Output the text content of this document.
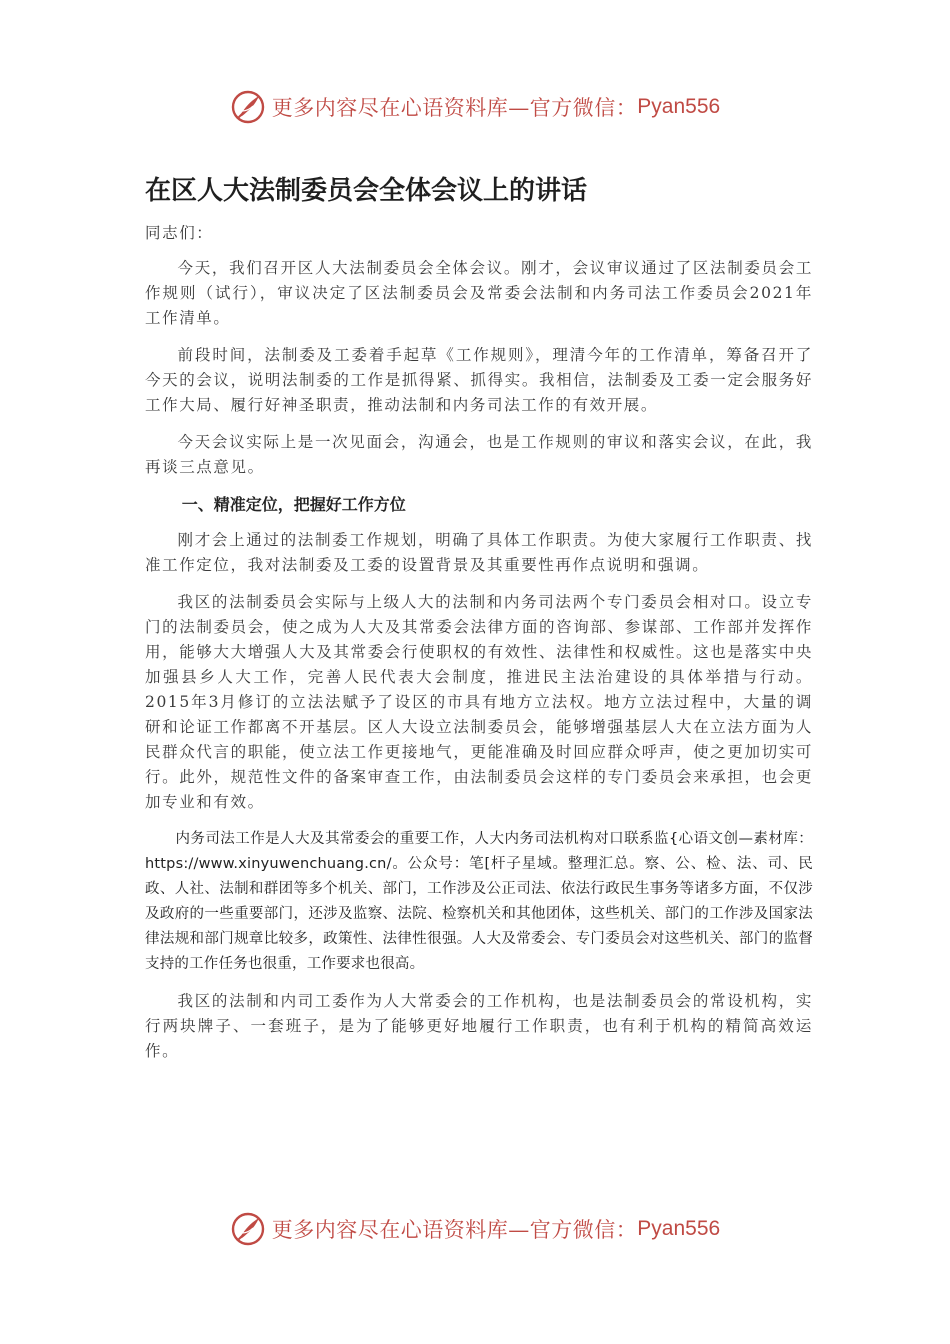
更多内容尽在心语资料库—官方微信： Pyan556
在区人大法制委员会全体会议上的讲话
同志们：
今天，我们召开区人大法制委员会全体会议。刚才，会议审议通过了区法制委员会工作规则（试行），审议决定了区法制委员会及常委会法制和内务司法工作委员会2021年工作清单。
前段时间，法制委及工委着手起草《工作规则》，理清今年的工作清单，筹备召开了今天的会议，说明法制委的工作是抓得紧、抓得实。我相信，法制委及工委一定会服务好工作大局、履行好神圣职责，推动法制和内务司法工作的有效开展。
今天会议实际上是一次见面会，沟通会，也是工作规则的审议和落实会议，在此，我再谈三点意见。
一、精准定位，把握好工作方位
刚才会上通过的法制委工作规划，明确了具体工作职责。为使大家履行工作职责、找准工作定位，我对法制委及工委的设置背景及其重要性再作点说明和强调。
我区的法制委员会实际与上级人大的法制和内务司法两个专门委员会相对口。设立专门的法制委员会，使之成为人大及其常委会法律方面的咨询部、参谋部、工作部并发挥作用，能够大大增强人大及其常委会行使职权的有效性、法律性和权威性。这也是落实中央加强县乡人大工作，完善人民代表大会制度，推进民主法治建设的具体举措与行动。2015年3月修订的立法法赋予了设区的市具有地方立法权。地方立法过程中，大量的调研和论证工作都离不开基层。区人大设立法制委员会，能够增强基层人大在立法方面为人民群众代言的职能，使立法工作更接地气，更能准确及时回应群众呼声，使之更加切实可行。此外，规范性文件的备案审查工作，由法制委员会这样的专门委员会来承担，也会更加专业和有效。
内务司法工作是人大及其常委会的重要工作，人大内务司法机构对口联系监{心语文创—素材库：https://www.xinyuwenchuang.cn/。公众号：笔[杆子星域。整理汇总。察、公、检、法、司、民政、人社、法制和群团等多个机关、部门，工作涉及公正司法、依法行政民生事务等诸多方面，不仅涉及政府的一些重要部门，还涉及监察、法院、检察机关和其他团体，这些机关、部门的工作涉及国家法律法规和部门规章比较多，政策性、法律性很强。人大及常委会、专门委员会对这些机关、部门的监督支持的工作任务也很重，工作要求也很高。
我区的法制和内司工委作为人大常委会的工作机构，也是法制委员会的常设机构，实行两块牌子、一套班子，是为了能够更好地履行工作职责，也有利于机构的精简高效运作。
更多内容尽在心语资料库—官方微信： Pyan556
